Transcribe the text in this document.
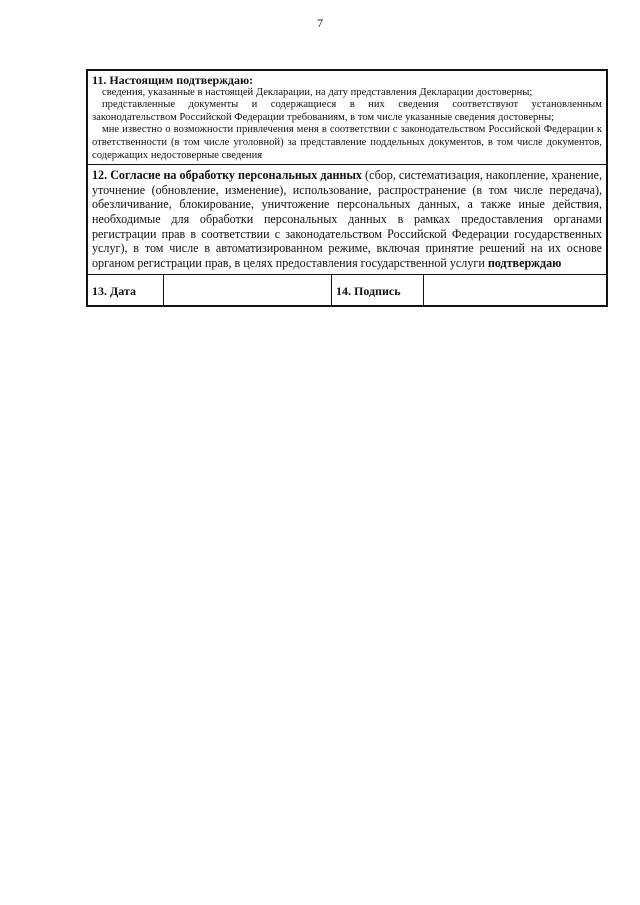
7
11. Настоящим подтверждаю:

сведения, указанные в настоящей Декларации, на дату представления Декларации достоверны;

представленные документы и содержащиеся в них сведения соответствуют установленным законодательством Российской Федерации требованиям, в том числе указанные сведения достоверны;

мне известно о возможности привлечения меня в соответствии с законодательством Российской Федерации к ответственности (в том числе уголовной) за представление поддельных документов, в том числе документов, содержащих недостоверные сведения

12. Согласие на обработку персональных данных (сбор, систематизация, накопление, хранение, уточнение (обновление, изменение), использование, распространение (в том числе передача), обезличивание, блокирование, уничтожение персональных данных, а также иные действия, необходимые для обработки персональных данных в рамках предоставления органами регистрации прав в соответствии с законодательством Российской Федерации государственных услуг), в том числе в автоматизированном режиме, включая принятие решений на их основе органом регистрации прав, в целях предоставления государственной услуги подтверждаю

13. Дата	14. Подпись
